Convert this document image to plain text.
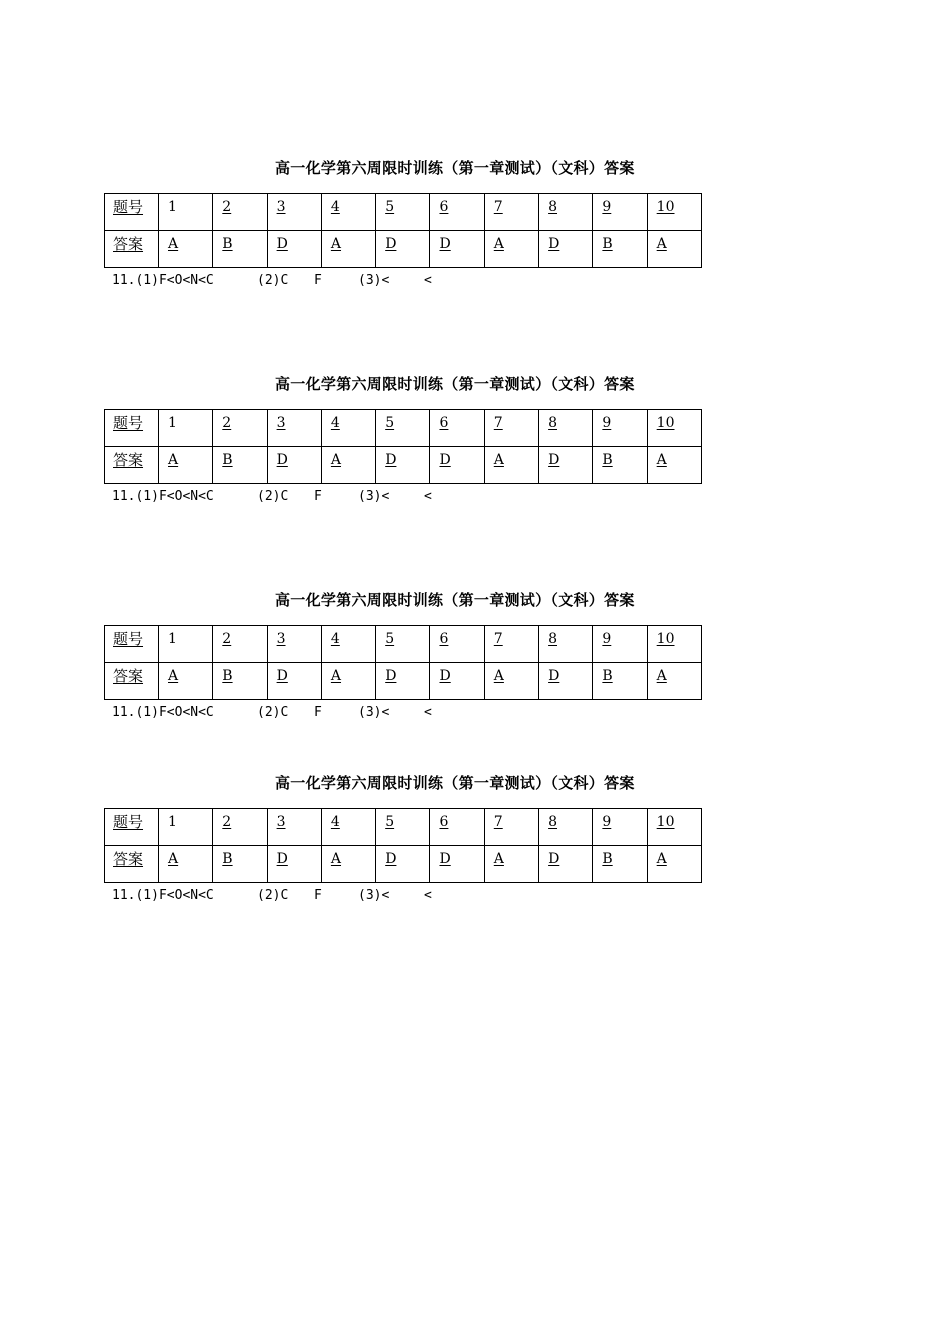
高一化学第六周限时训练（第一章测试）（文科）答案
题号	1	2	3	4	5	6	7	8	9	10
答案	A	B	D	A	D	D	A	D	B	A
11.(1)F<O<N<C	(2)C F	(3)<	<
高一化学第六周限时训练（第一章测试）（文科）答案
题号	1	2	3	4	5	6	7	8	9	10
答案	A	B	D	A	D	D	A	D	B	A
11.(1)F<O<N<C	(2)C F	(3)<	<
高一化学第六周限时训练（第一章测试）（文科）答案
题号	1	2	3	4	5	6	7	8	9	10
答案	A	B	D	A	D	D	A	D	B	A
11.(1)F<O<N<C	(2)C F	(3)<	<
高一化学第六周限时训练（第一章测试）（文科）答案
题号	1	2	3	4	5	6	7	8	9	10
答案	A	B	D	A	D	D	A	D	B	A
11.(1)F<O<N<C	(2)C F	(3)<	<
